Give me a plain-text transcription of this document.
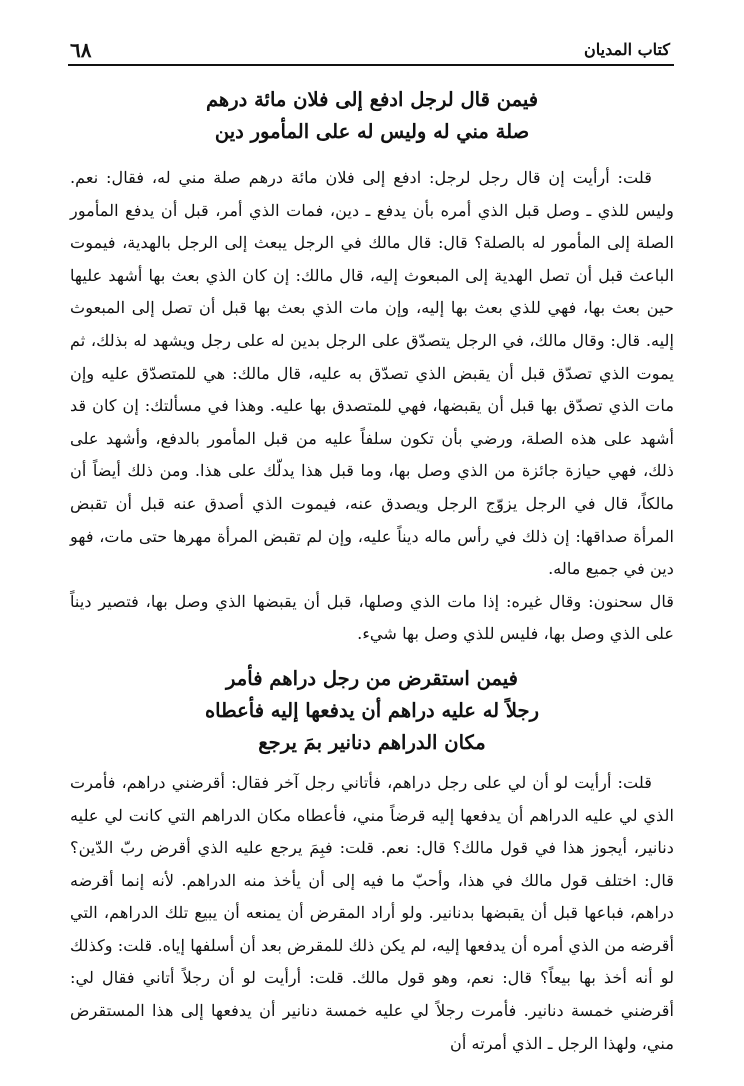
كتاب المديان
٦٨
فيمن قال لرجل ادفع إلى فلان مائة درهم
صلة مني له وليس له على المأمور دين

قلت: أرأيت إن قال رجل لرجل: ادفع إلى فلان مائة درهم صلة مني له، فقال: نعم. وليس للذي ـ وصل قبل الذي أمره بأن يدفع ـ دين، فمات الذي أمر، قبل أن يدفع المأمور الصلة إلى المأمور له بالصلة؟ قال: قال مالك في الرجل يبعث إلى الرجل بالهدية، فيموت الباعث قبل أن تصل الهدية إلى المبعوث إليه، قال مالك: إن كان الذي بعث بها أشهد عليها حين بعث بها، فهي للذي بعث بها إليه، وإن مات الذي بعث بها قبل أن تصل إلى المبعوث إليه. قال: وقال مالك، في الرجل يتصدّق على الرجل بدين له على رجل ويشهد له بذلك، ثم يموت الذي تصدّق قبل أن يقبض الذي تصدّق به عليه، قال مالك: هي للمتصدّق عليه وإن مات الذي تصدّق بها قبل أن يقبضها، فهي للمتصدق بها عليه. وهذا في مسألتك: إن كان قد أشهد على هذه الصلة، ورضي بأن تكون سلفاً عليه من قبل المأمور بالدفع، وأشهد على ذلك، فهي حيازة جائزة من الذي وصل بها، وما قبل هذا يدلّك على هذا. ومن ذلك أيضاً أن مالكاً، قال في الرجل يزوّج الرجل ويصدق عنه، فيموت الذي أصدق عنه قبل أن تقبض المرأة صداقها: إن ذلك في رأس ماله ديناً عليه، وإن لم تقبض المرأة مهرها حتى مات، فهو دين في جميع ماله.

قال سحنون: وقال غيره: إذا مات الذي وصلها، قبل أن يقبضها الذي وصل بها، فتصير ديناً على الذي وصل بها، فليس للذي وصل بها شيء.

فيمن استقرض من رجل دراهم فأمر
رجلاً له عليه دراهم أن يدفعها إليه فأعطاه
مكان الدراهم دنانير بمَ يرجع

قلت: أرأيت لو أن لي على رجل دراهم، فأتاني رجل آخر فقال: أقرضني دراهم، فأمرت الذي لي عليه الدراهم أن يدفعها إليه قرضاً مني، فأعطاه مكان الدراهم التي كانت لي عليه دنانير، أيجوز هذا في قول مالك؟ قال: نعم. قلت: فبِمَ يرجع عليه الذي أقرض ربّ الدّين؟ قال: اختلف قول مالك في هذا، وأحبّ ما فيه إلى أن يأخذ منه الدراهم. لأنه إنما أقرضه دراهم، فباعها قبل أن يقبضها بدنانير. ولو أراد المقرض أن يمنعه أن يبيع تلك الدراهم، التي أقرضه من الذي أمره أن يدفعها إليه، لم يكن ذلك للمقرض بعد أن أسلفها إياه. قلت: وكذلك لو أنه أخذ بها بيعاً؟ قال: نعم، وهو قول مالك. قلت: أرأيت لو أن رجلاً أتاني فقال لي: أقرضني خمسة دنانير. فأمرت رجلاً لي عليه خمسة دنانير أن يدفعها إلى هذا المستقرض مني، ولهذا الرجل ـ الذي أمرته أن
